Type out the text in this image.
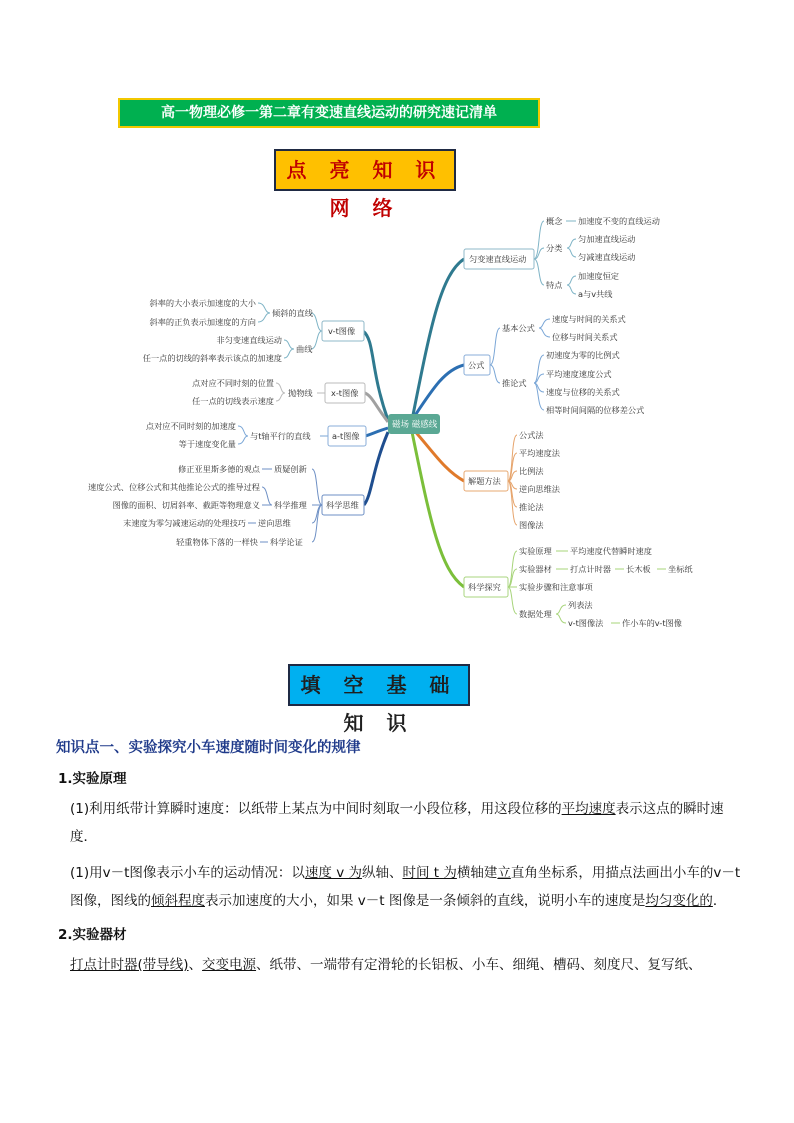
高一物理必修一第二章有变速直线运动的研究速记清单
点 亮 知 识 网 络
匀变速直线运动
概念 加速度不变的直线运动
分类
匀加速直线运动
匀减速直线运动
特点
加速度恒定
a与v共线
公式
基本公式
速度与时间的关系式
位移与时间关系式
推论式
初速度为零的比例式
平均速度速度公式
速度与位移的关系式
相等时间间隔的位移差公式
解题方法
公式法
平均速度法
比例法
逆向思维法
推论法
图像法
科学探究
实验原理 平均速度代替瞬时速度
实验器材 打点计时器 长木板 坐标纸
实验步骤和注意事项
数据处理
列表法
v-t图像法 作小车的v-t图像
v-t图像
倾斜的直线
斜率的大小表示加速度的大小
斜率的正负表示加速度的方向
曲线
非匀变速直线运动
任一点的切线的斜率表示该点的加速度
x-t图像
抛物线
点对应不同时刻的位置
任一点的切线表示速度
a-t图像
与t轴平行的直线
点对应不同时刻的加速度
等于速度变化量
科学思维
修正亚里斯多德的观点 质疑创新
速度公式、位移公式和其他推论公式的推导过程
图像的面积、切屑斜率、截距等物理意义 科学推理
末速度为零匀减速运动的处理技巧 逆向思维
轻重物体下落的一样快 科学论证
磁场 磁感线
填 空 基 础 知 识
知识点一、实验探究小车速度随时间变化的规律
1.实验原理
(1)利用纸带计算瞬时速度：以纸带上某点为中间时刻取一小段位移，用这段位移的平均速度表示这点的瞬时速度．
(1)用v－t图像表示小车的运动情况：以速度 v 为纵轴、时间 t 为横轴建立直角坐标系，用描点法画出小车的v－t图像，图线的倾斜程度表示加速度的大小，如果 v－t 图像是一条倾斜的直线，说明小车的速度是均匀变化的．
2.实验器材
打点计时器(带导线)、交变电源、纸带、一端带有定滑轮的长铝板、小车、细绳、槽码、刻度尺、复写纸、
